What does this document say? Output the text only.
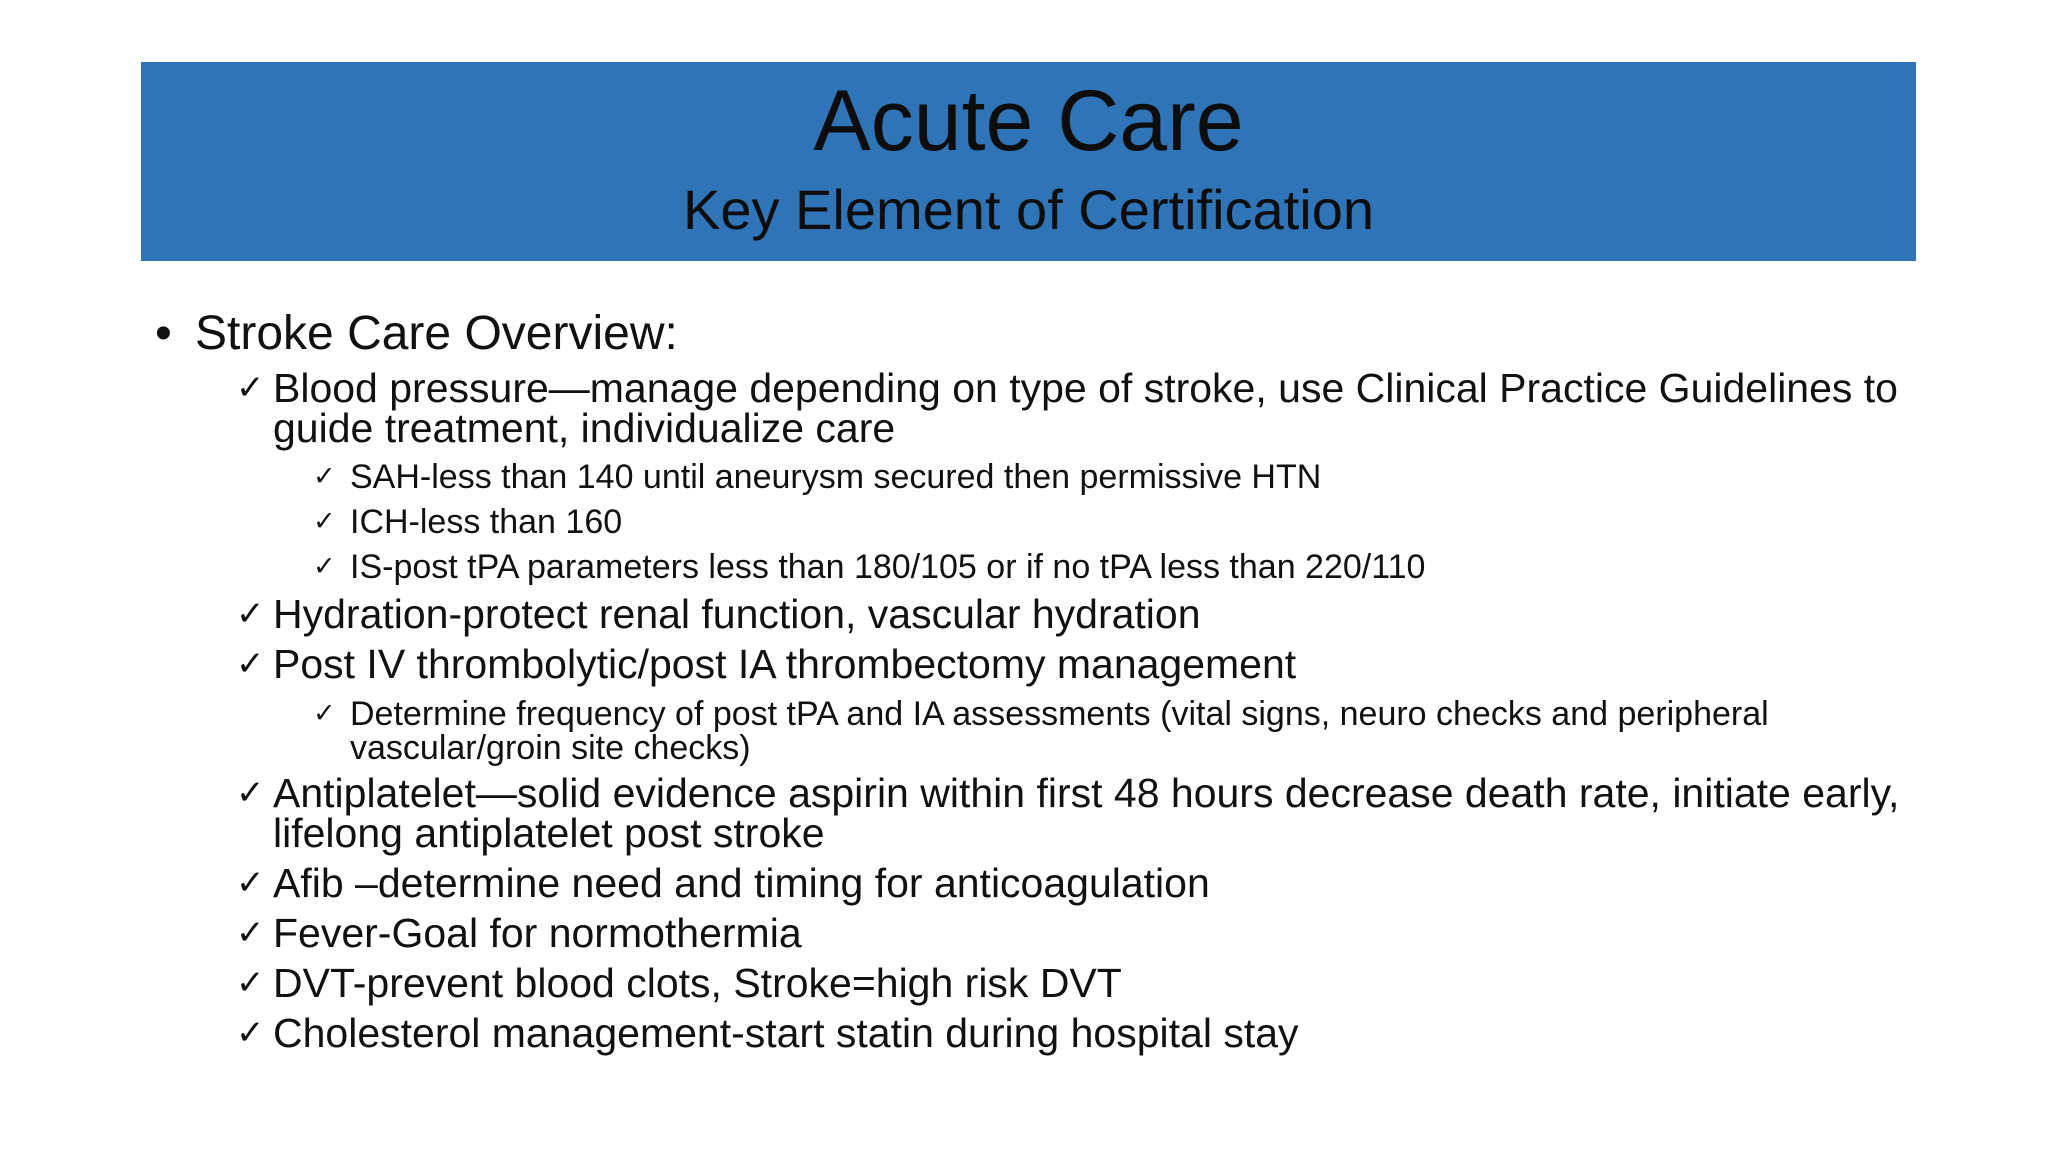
Acute Care
Key Element of Certification
• Stroke Care Overview:
✓ Blood pressure—manage depending on type of stroke, use Clinical Practice Guidelines to guide treatment, individualize care
✓ SAH-less than 140 until aneurysm secured then permissive HTN
✓ ICH-less than 160
✓ IS-post tPA parameters less than 180/105 or if no tPA less than 220/110
✓ Hydration-protect renal function, vascular hydration
✓ Post IV thrombolytic/post IA thrombectomy management
✓ Determine frequency of post tPA and IA assessments (vital signs, neuro checks and peripheral vascular/groin site checks)
✓ Antiplatelet—solid evidence aspirin within first 48 hours decrease death rate, initiate early, lifelong antiplatelet post stroke
✓ Afib –determine need and timing for anticoagulation
✓ Fever-Goal for normothermia
✓ DVT-prevent blood clots, Stroke=high risk DVT
✓ Cholesterol management-start statin during hospital stay
